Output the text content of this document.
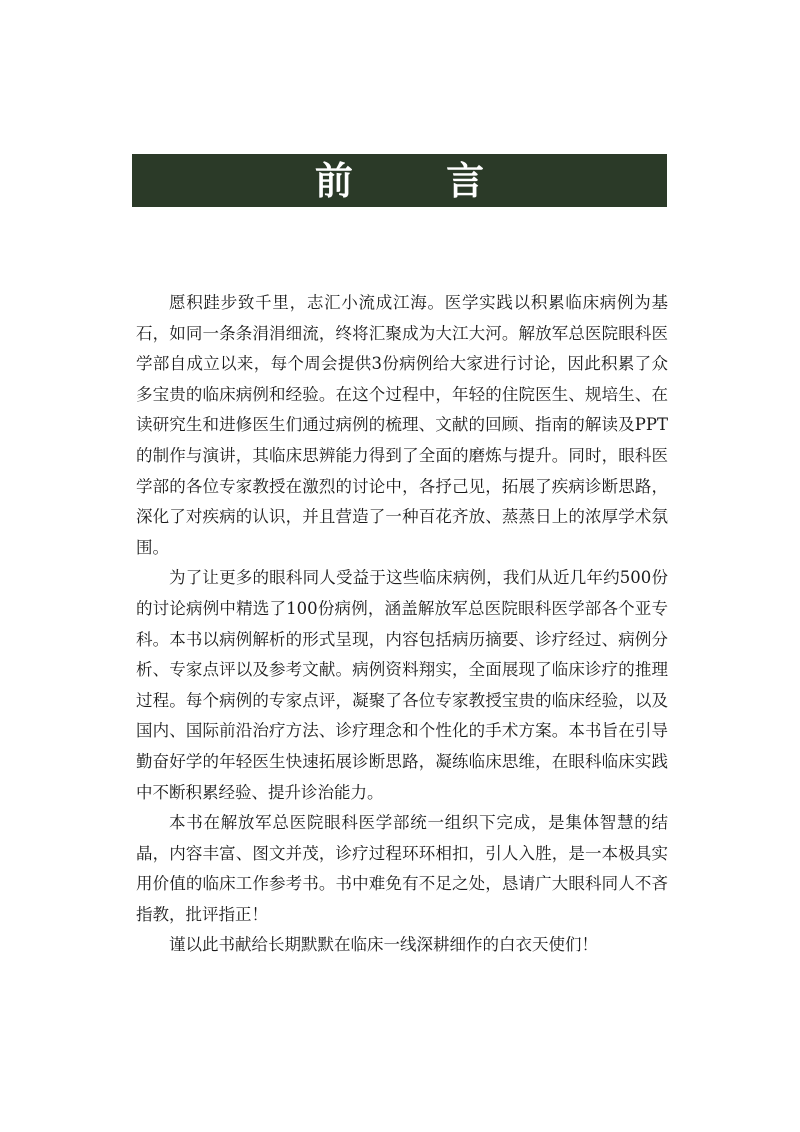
前 言

愿积跬步致千里，志汇小流成江海。医学实践以积累临床病例为基石，如同一条条涓涓细流，终将汇聚成为大江大河。解放军总医院眼科医学部自成立以来，每个周会提供3份病例给大家进行讨论，因此积累了众多宝贵的临床病例和经验。在这个过程中，年轻的住院医生、规培生、在读研究生和进修医生们通过病例的梳理、文献的回顾、指南的解读及PPT的制作与演讲，其临床思辨能力得到了全面的磨炼与提升。同时，眼科医学部的各位专家教授在激烈的讨论中，各抒己见，拓展了疾病诊断思路，深化了对疾病的认识，并且营造了一种百花齐放、蒸蒸日上的浓厚学术氛围。

为了让更多的眼科同人受益于这些临床病例，我们从近几年约500份的讨论病例中精选了100份病例，涵盖解放军总医院眼科医学部各个亚专科。本书以病例解析的形式呈现，内容包括病历摘要、诊疗经过、病例分析、专家点评以及参考文献。病例资料翔实，全面展现了临床诊疗的推理过程。每个病例的专家点评，凝聚了各位专家教授宝贵的临床经验，以及国内、国际前沿治疗方法、诊疗理念和个性化的手术方案。本书旨在引导勤奋好学的年轻医生快速拓展诊断思路，凝练临床思维，在眼科临床实践中不断积累经验、提升诊治能力。

本书在解放军总医院眼科医学部统一组织下完成，是集体智慧的结晶，内容丰富、图文并茂，诊疗过程环环相扣，引人入胜，是一本极具实用价值的临床工作参考书。书中难免有不足之处，恳请广大眼科同人不吝指教，批评指正！

谨以此书献给长期默默在临床一线深耕细作的白衣天使们！
